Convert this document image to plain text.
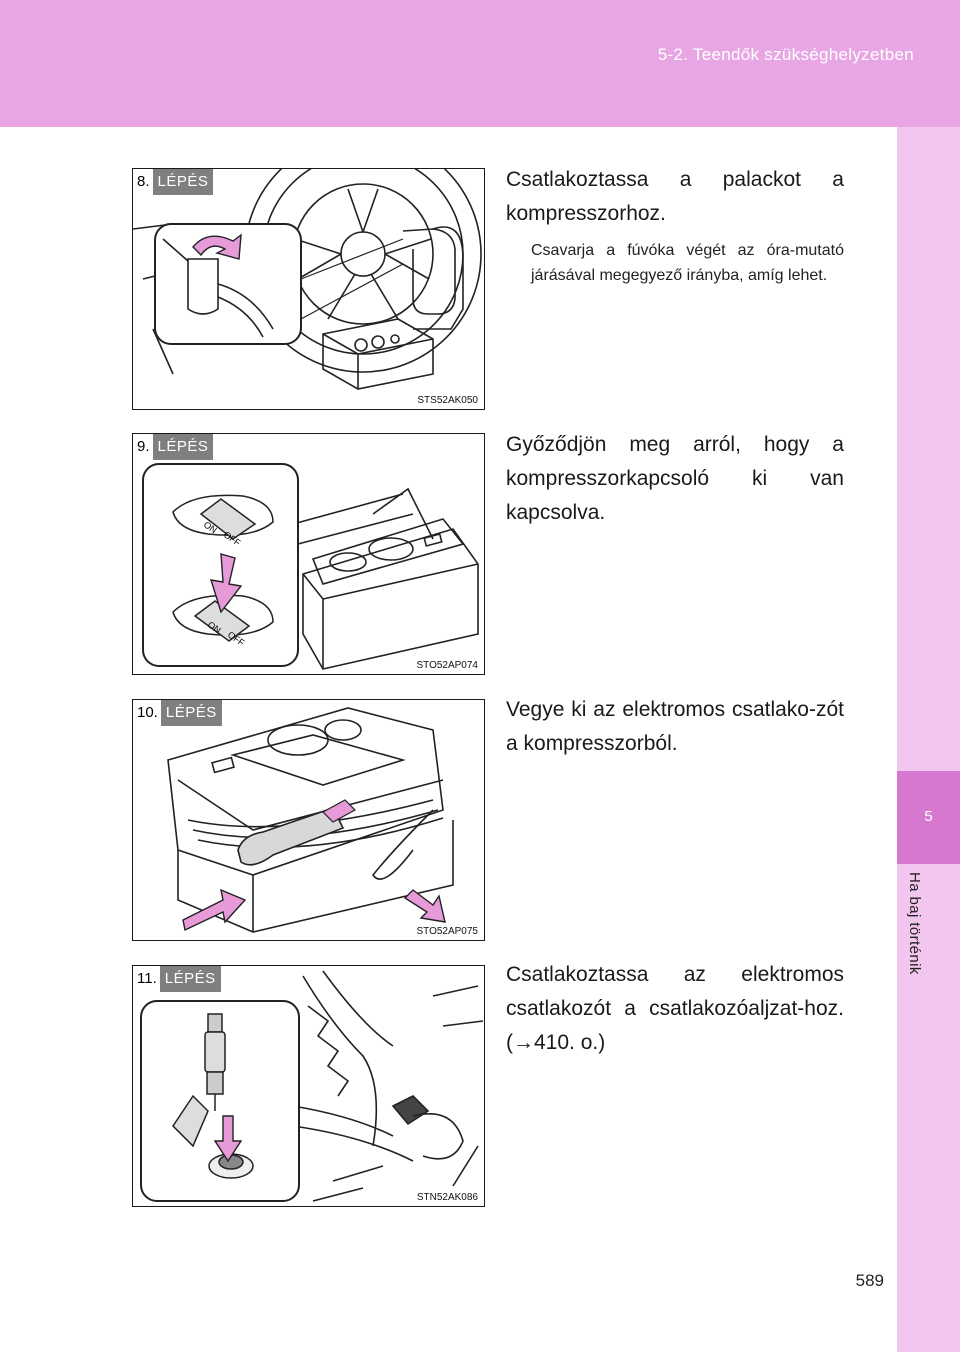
5-2. Teendők szükséghelyzetben
5
Ha baj történik
8. LÉPÉS
STS52AK050
Csatlakoztassa a palackot a kompresszorhoz.
Csavarja a fúvóka végét az óra-mutató járásával megegyező irányba, amíg lehet.
ON
OFF
ON
OFF
9. LÉPÉS
STO52AP074
Győződjön meg arról, hogy a kompresszorkapcsoló ki van kapcsolva.
10. LÉPÉS
STO52AP075
Vegye ki az elektromos csatlako-zót a kompresszorból.
11. LÉPÉS
STN52AK086
Csatlakoztassa az elektromos csatlakozót a csatlakozóaljzat-hoz. (→410. o.)
589
